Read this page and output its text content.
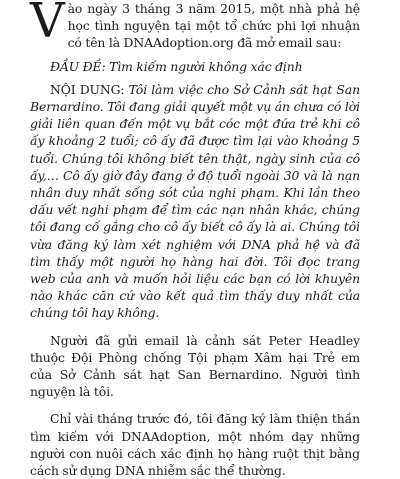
Vào ngày 3 tháng 3 năm 2015, một nhà phả hệ học tình nguyện tại một tổ chức phi lợi nhuận có tên là DNAAdoption.org đã mở email sau:

ĐẦU ĐỀ: Tìm kiếm người không xác định

NỘI DUNG: Tôi làm việc cho Sở Cảnh sát hạt San Bernardino. Tôi đang giải quyết một vụ án chưa có lời giải liên quan đến một vụ bắt cóc một đứa trẻ khi cô ấy khoảng 2 tuổi; cô ấy đã được tìm lại vào khoảng 5 tuổi. Chúng tôi không biết tên thật, ngày sinh của cô ấy,… Cô ấy giờ đây đang ở độ tuổi ngoài 30 và là nạn nhân duy nhất sống sót của nghi phạm. Khi lần theo dấu vết nghi phạm để tìm các nạn nhân khác, chúng tôi đang cố gắng cho cô ấy biết cô ấy là ai. Chúng tôi vừa đăng ký làm xét nghiệm với DNA phả hệ và đã tìm thấy một người họ hàng hai đời. Tôi đọc trang web của anh và muốn hỏi liệu các bạn có lời khuyên nào khác căn cứ vào kết quả tìm thấy duy nhất của chúng tôi hay không.

Người đã gửi email là cảnh sát Peter Headley thuộc Đội Phòng chống Tội phạm Xâm hại Trẻ em của Sở Cảnh sát hạt San Bernardino. Người tình nguyện là tôi.

Chỉ vài tháng trước đó, tôi đăng ký làm thiện thần tìm kiếm với DNAAdoption, một nhóm dạy những người con nuôi cách xác định họ hàng ruột thịt bằng cách sử dụng DNA nhiễm sắc thể thường.
